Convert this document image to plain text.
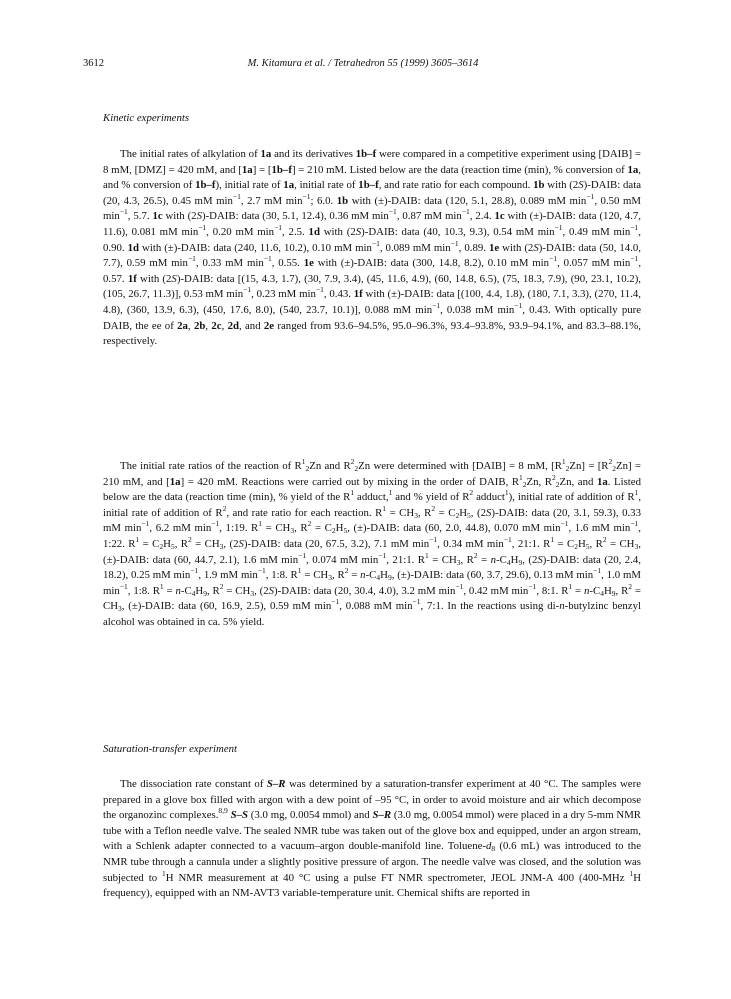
3612	M. Kitamura et al. / Tetrahedron 55 (1999) 3605–3614
Kinetic experiments

The initial rates of alkylation of 1a and its derivatives 1b–f were compared in a competitive experiment using [DAIB] = 8 mM, [DMZ] = 420 mM, and [1a] = [1b–f] = 210 mM. Listed below are the data (reaction time (min), % conversion of 1a, and % conversion of 1b–f), initial rate of 1a, initial rate of 1b–f, and rate ratio for each compound. 1b with (2S)-DAIB: data (20, 4.3, 26.5), 0.45 mM $\min^{-1}$, 2.7 mM $\min^{-1}$; 6.0. 1b with (±)-DAIB: data (120, 5.1, 28.8), 0.089 mM $\min^{-1}$, 0.50 mM $\min^{-1}$, 5.7. 1c with (2S)-DAIB: data (30, 5.1, 12.4), 0.36 mM $\min^{-1}$, 0.87 mM $\min^{-1}$, 2.4. 1c with (±)-DAIB: data (120, 4.7, 11.6), 0.081 mM $\min^{-1}$, 0.20 mM $\min^{-1}$, 2.5. 1d with (2S)-DAIB: data (40, 10.3, 9.3), 0.54 mM $\min^{-1}$, 0.49 mM $\min^{-1}$, 0.90. 1d with (±)-DAIB: data (240, 11.6, 10.2), 0.10 mM $\min^{-1}$, 0.089 mM $\min^{-1}$, 0.89. 1e with (2S)-DAIB: data (50, 14.0, 7.7), 0.59 mM $\min^{-1}$, 0.33 mM $\min^{-1}$, 0.55. 1e with (±)-DAIB: data (300, 14.8, 8.2), 0.10 mM $\min^{-1}$, 0.057 mM $\min^{-1}$, 0.57. 1f with (2S)-DAIB: data [(15, 4.3, 1.7), (30, 7.9, 3.4), (45, 11.6, 4.9), (60, 14.8, 6.5), (75, 18.3, 7.9), (90, 23.1, 10.2), (105, 26.7, 11.3)], 0.53 mM $\min^{-1}$, 0.23 mM $\min^{-1}$, 0.43. 1f with (±)-DAIB: data [(100, 4.4, 1.8), (180, 7.1, 3.3), (270, 11.4, 4.8), (360, 13.9, 6.3), (450, 17.6, 8.0), (540, 23.7, 10.1)], 0.088 mM $\min^{-1}$, 0.038 mM $\min^{-1}$, 0.43. With optically pure DAIB, the ee of 2a, 2b, 2c, 2d, and 2e ranged from 93.6–94.5%, 95.0–96.3%, 93.4–93.8%, 93.9–94.1%, and 83.3–88.1%, respectively.

The initial rate ratios of the reaction of $R^1_2Zn$ and $R^2_2Zn$ were determined with [DAIB] = 8 mM, $[R^1_2Zn] = [R^2_2Zn] = 210$ mM, and [1a] = 420 mM. Reactions were carried out by mixing in the order of DAIB, $R^1_2Zn$, $R^2_2Zn$, and 1a. Listed below are the data (reaction time (min), % yield of the $R^1$ adduct,$^1$ and % yield of $R^2$ adduct$^1$), initial rate of addition of $R^1$, initial rate of addition of $R^2$, and rate ratio for each reaction. $R^1 = CH_3$, $R^2 = C_2H_5$, (2S)-DAIB: data (20, 3.1, 59.3), 0.33 mM $\min^{-1}$, 6.2 mM $\min^{-1}$, 1:19. $R^1 = CH_3$, $R^2 = C_2H_5$, (±)-DAIB: data (60, 2.0, 44.8), 0.070 mM $\min^{-1}$, 1.6 mM $\min^{-1}$, 1:22. $R^1 = C_2H_5$, $R^2 = CH_3$, (2S)-DAIB: data (20, 67.5, 3.2), 7.1 mM $\min^{-1}$, 0.34 mM $\min^{-1}$, 21:1. $R^1 = C_2H_5$, $R^2 = CH_3$, (±)-DAIB: data (60, 44.7, 2.1), 1.6 mM $\min^{-1}$, 0.074 mM $\min^{-1}$, 21:1. $R^1 = CH_3$, $R^2 = n-C_4H_9$, (2S)-DAIB: data (20, 2.4, 18.2), 0.25 mM $\min^{-1}$, 1.9 mM $\min^{-1}$, 1:8. $R^1 = CH_3$, $R^2 = n-C_4H_9$, (±)-DAIB: data (60, 3.7, 29.6), 0.13 mM $\min^{-1}$, 1.0 mM $\min^{-1}$, 1:8. $R^1 = n-C_4H_9$, $R^2 = CH_3$, (2S)-DAIB: data (20, 30.4, 4.0), 3.2 mM $\min^{-1}$, 0.42 mM $\min^{-1}$, 8:1. $R^1 = n-C_4H_9$, $R^2 = CH_3$, (±)-DAIB: data (60, 16.9, 2.5), 0.59 mM $\min^{-1}$, 0.088 mM $\min^{-1}$, 7:1. In the reactions using di-n-butylzinc benzyl alcohol was obtained in ca. 5% yield.

Saturation-transfer experiment

The dissociation rate constant of S–R was determined by a saturation-transfer experiment at 40 °C. The samples were prepared in a glove box filled with argon with a dew point of –95 °C, in order to avoid moisture and air which decompose the organozinc complexes.$^{8,9}$ S–S (3.0 mg, 0.0054 mmol) and S–R (3.0 mg, 0.0054 mmol) were placed in a dry 5-mm NMR tube with a Teflon needle valve. The sealed NMR tube was taken out of the glove box and equipped, under an argon stream, with a Schlenk adapter connected to a vacuum–argon double-manifold line. Toluene-$d_8$ (0.6 mL) was introduced to the NMR tube through a cannula under a slightly positive pressure of argon. The needle valve was closed, and the solution was subjected to $^1$H NMR measurement at 40 °C using a pulse FT NMR spectrometer, JEOL JNM-A 400 (400-MHz $^1$H frequency), equipped with an NM-AVT3 variable-temperature unit. Chemical shifts are reported in
